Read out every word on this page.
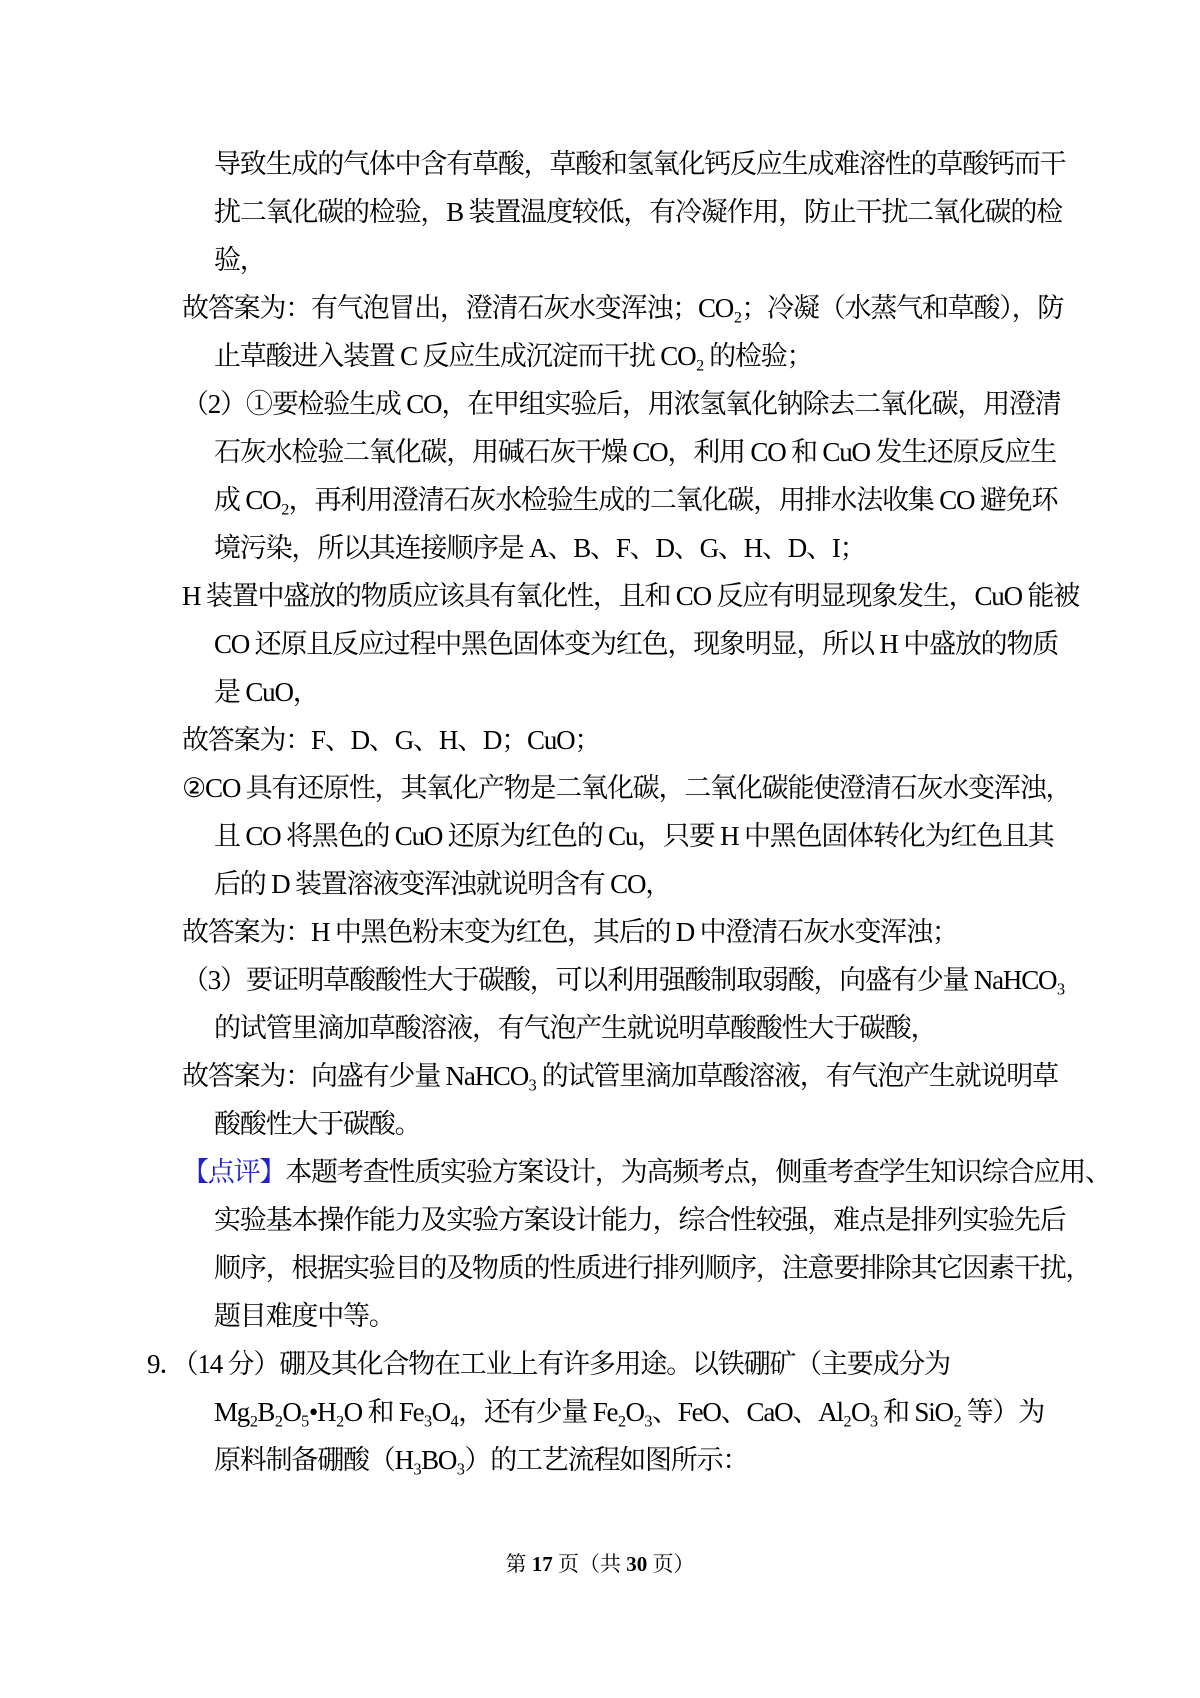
导致生成的气体中含有草酸，草酸和氢氧化钙反应生成难溶性的草酸钙而干
扰二氧化碳的检验，B 装置温度较低，有冷凝作用，防止干扰二氧化碳的检
验，
故答案为：有气泡冒出，澄清石灰水变浑浊；CO₂；冷凝（水蒸气和草酸），防
止草酸进入装置 C 反应生成沉淀而干扰 CO₂ 的检验；
（2）①要检验生成 CO，在甲组实验后，用浓氢氧化钠除去二氧化碳，用澄清
石灰水检验二氧化碳，用碱石灰干燥 CO，利用 CO 和 CuO 发生还原反应生
成 CO₂，再利用澄清石灰水检验生成的二氧化碳，用排水法收集 CO 避免环
境污染，所以其连接顺序是 A、B、F、D、G、H、D、I；
H 装置中盛放的物质应该具有氧化性，且和 CO 反应有明显现象发生，CuO 能被
CO 还原且反应过程中黑色固体变为红色，现象明显，所以 H 中盛放的物质
是 CuO，
故答案为：F、D、G、H、D；CuO；
②CO 具有还原性，其氧化产物是二氧化碳，二氧化碳能使澄清石灰水变浑浊，
且 CO 将黑色的 CuO 还原为红色的 Cu，只要 H 中黑色固体转化为红色且其
后的 D 装置溶液变浑浊就说明含有 CO，
故答案为：H 中黑色粉末变为红色，其后的 D 中澄清石灰水变浑浊；
（3）要证明草酸酸性大于碳酸，可以利用强酸制取弱酸，向盛有少量 NaHCO₃
的试管里滴加草酸溶液，有气泡产生就说明草酸酸性大于碳酸，
故答案为：向盛有少量 NaHCO₃ 的试管里滴加草酸溶液，有气泡产生就说明草
酸酸性大于碳酸。
【点评】本题考查性质实验方案设计，为高频考点，侧重考查学生知识综合应用、
实验基本操作能力及实验方案设计能力，综合性较强，难点是排列实验先后
顺序，根据实验目的及物质的性质进行排列顺序，注意要排除其它因素干扰，
题目难度中等。
9．（14 分）硼及其化合物在工业上有许多用途。以铁硼矿（主要成分为
Mg₂B₂O₅•H₂O 和 Fe₃O₄，还有少量 Fe₂O₃、FeO、CaO、Al₂O₃ 和 SiO₂ 等）为
原料制备硼酸（H₃BO₃）的工艺流程如图所示：
第 17 页（共 30 页）
